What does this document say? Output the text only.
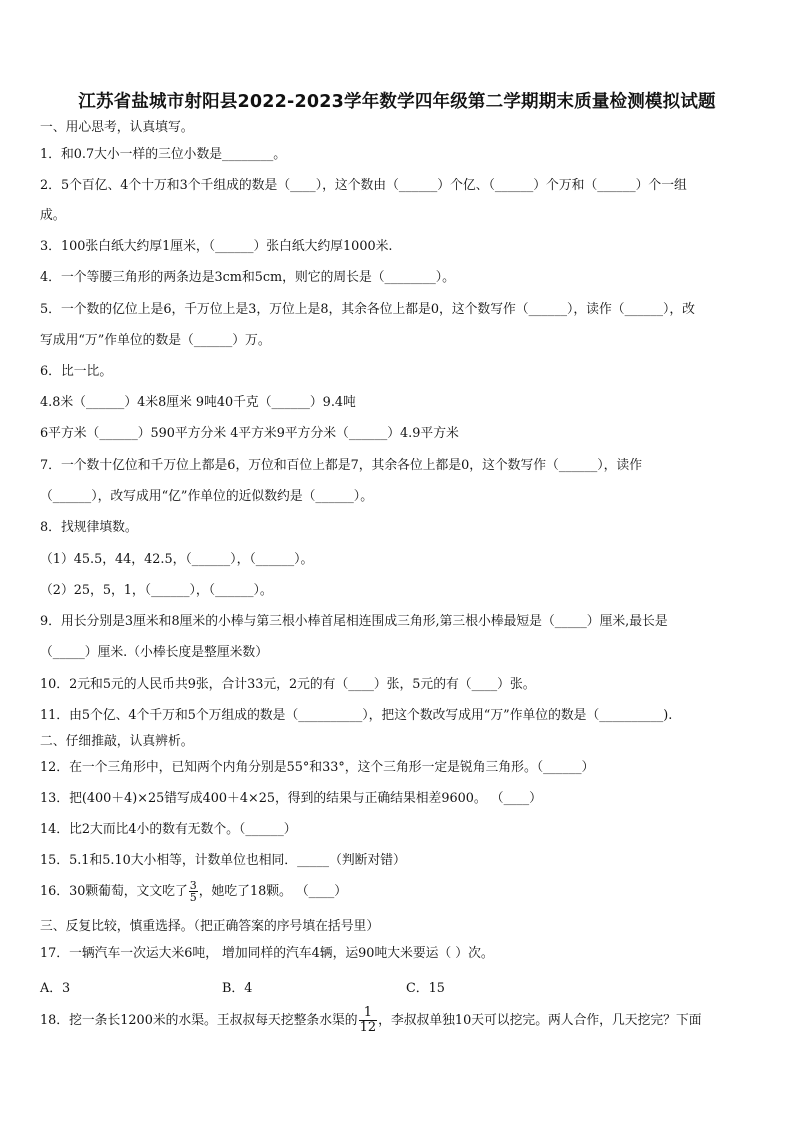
江苏省盐城市射阳县2022-2023学年数学四年级第二学期期末质量检测模拟试题
一、用心思考，认真填写。
1．和0.7大小一样的三位小数是________。
2．5个百亿、4个十万和3个千组成的数是（____），这个数由（______）个亿、（______）个万和（______）个一组
成。
3．100张白纸大约厚1厘米，（______）张白纸大约厚1000米.
4．一个等腰三角形的两条边是3cm和5cm，则它的周长是（________）。
5．一个数的亿位上是6，千万位上是3，万位上是8，其余各位上都是0，这个数写作（______），读作（______），改
写成用“万”作单位的数是（______）万。
6．比一比。
4.8米（______）4米8厘米 9吨40千克（______）9.4吨
6平方米（______）590平方分米 4平方米9平方分米（______）4.9平方米
7．一个数十亿位和千万位上都是6，万位和百位上都是7，其余各位上都是0，这个数写作（______），读作
（______），改写成用“亿”作单位的近似数约是（______）。
8．找规律填数。
（1）45.5，44，42.5，（______），（______）。
（2）25，5，1，（______），（______）。
9．用长分别是3厘米和8厘米的小棒与第三根小棒首尾相连围成三角形,第三根小棒最短是（_____）厘米,最长是
（_____）厘米.（小棒长度是整厘米数）
10．2元和5元的人民币共9张，合计33元，2元的有（____）张，5元的有（____）张。
11．由5个亿、4个千万和5个万组成的数是（__________），把这个数改写成用“万”作单位的数是（__________).
二、仔细推敲，认真辨析。
12．在一个三角形中，已知两个内角分别是55°和33°，这个三角形一定是锐角三角形。（______）
13．把(400＋4)×25错写成400＋4×25，得到的结果与正确结果相差9600。 （____）
14．比2大而比4小的数有无数个。（______）
15．5.1和5.10大小相等，计数单位也相同．_____（判断对错）
16．30颗葡萄，文文吃了 $\frac{3}{5}$ ，她吃了18颗。 （____）
三、反复比较，慎重选择。（把正确答案的序号填在括号里）
17．一辆汽车一次运大米6吨， 增加同样的汽车4辆，运90吨大米要运（ ）次。
A．3	B．4	C．15
18．挖一条长1200米的水渠。王叔叔每天挖整条水渠的 $\frac{1}{12}$ ，李叔叔单独10天可以挖完。两人合作，几天挖完？下面
